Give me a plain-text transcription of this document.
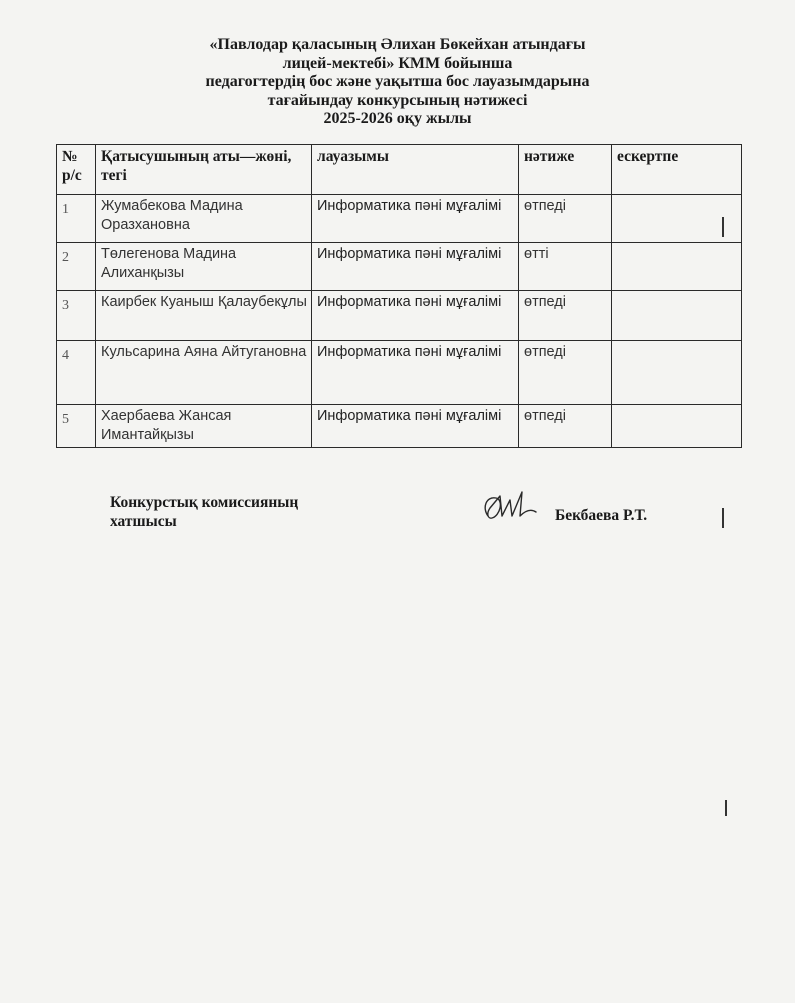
«Павлодар қаласының Әлихан Бөкейхан атындағы
лицей-мектебі» КММ бойынша
педагогтердің бос және уақытша бос лауазымдарына
тағайындау конкурсының нәтижесі
2025-2026 оқу жылы
№ р/с	Қатысушының аты—жөні, тегі	лауазымы	нәтиже	ескертпе
1	Жумабекова Мадина Оразхановна	Информатика пәні мұғалімі	өтпеді	
2	Төлегенова Мадина Алиханқызы	Информатика пәні мұғалімі	өтті	
3	Каирбек Куаныш Қалаубекұлы	Информатика пәні мұғалімі	өтпеді	
4	Кульсарина Аяна Айтугановна	Информатика пәні мұғалімі	өтпеді	
5	Хаербаева Жансая Имантайқызы	Информатика пәні мұғалімі	өтпеді	
Конкурстық комиссияның
хатшысы	Бекбаева Р.Т.
